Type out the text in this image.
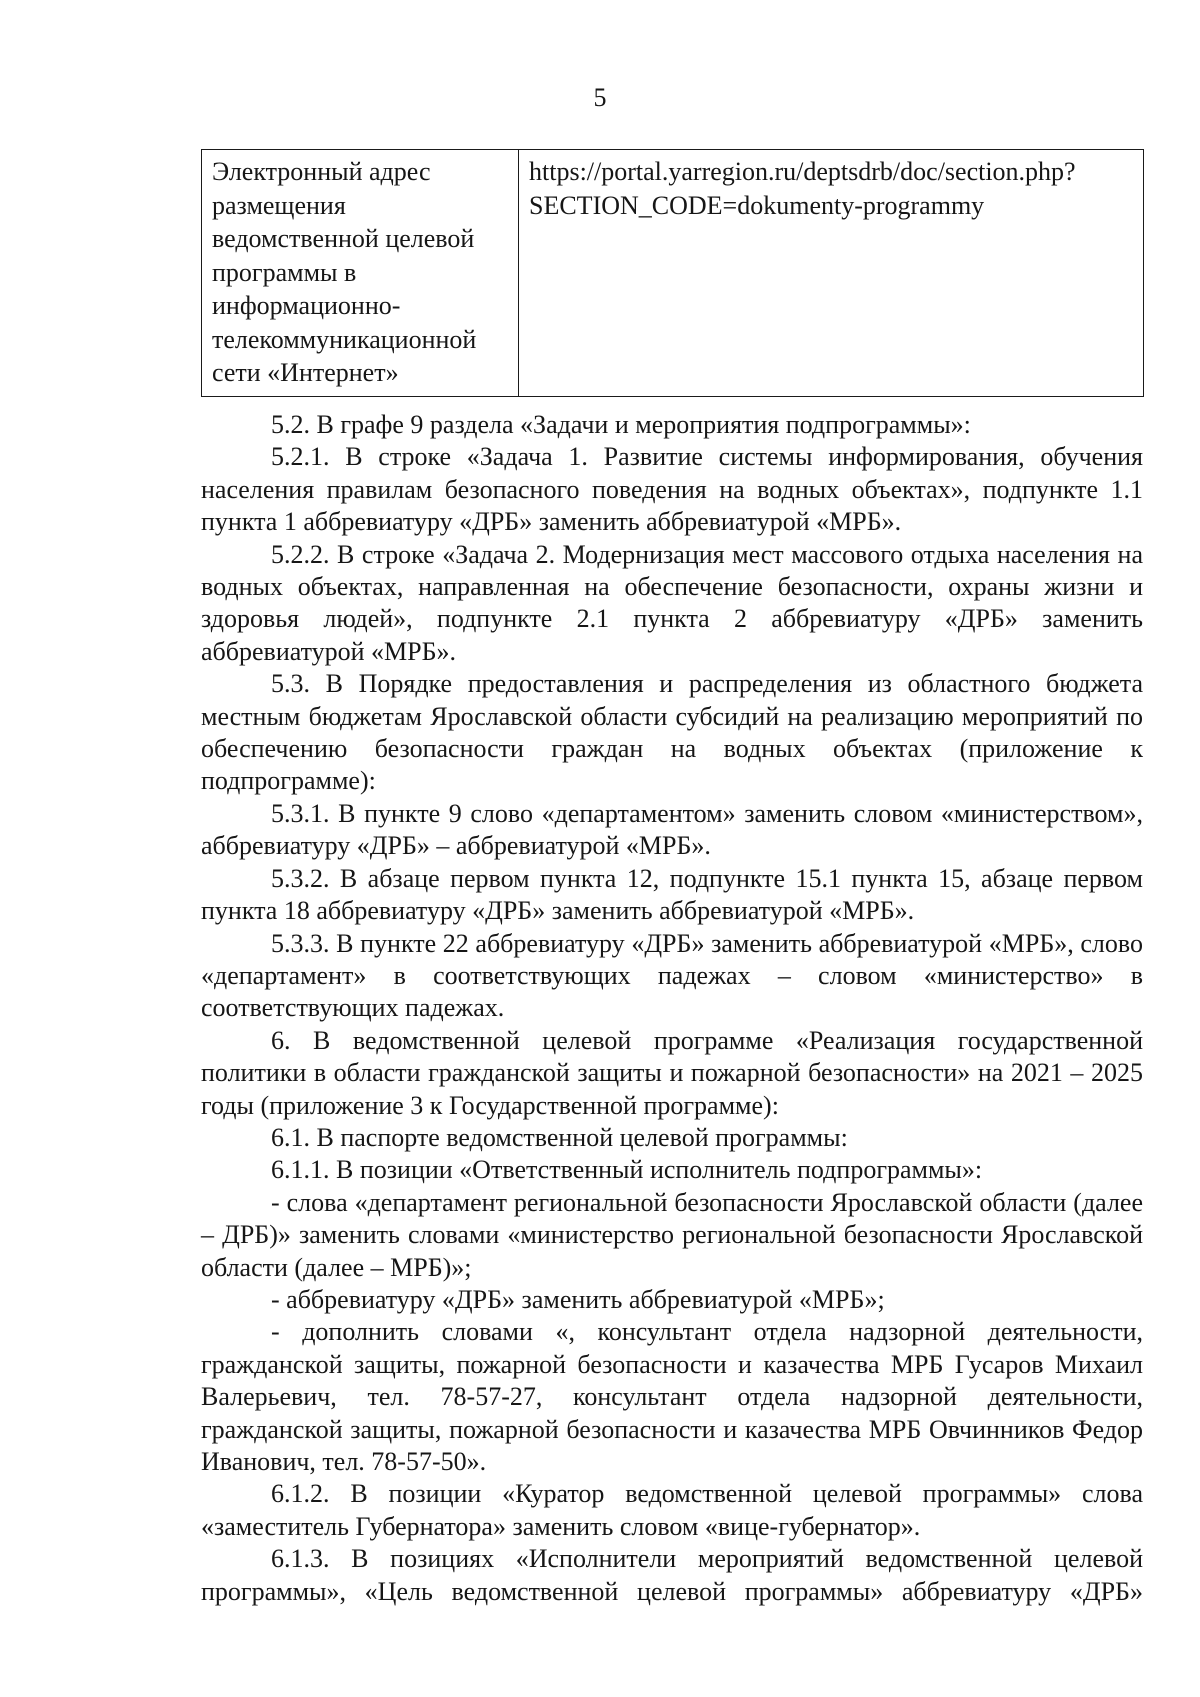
5
Электронный адрес размещения ведомственной целевой программы в информационно-телекоммуникационной сети «Интернет»	https://portal.yarregion.ru/deptsdrb/doc/section.php? SECTION_CODE=dokumenty-programmy

5.2. В графе 9 раздела «Задачи и мероприятия подпрограммы»:

5.2.1. В строке «Задача 1. Развитие системы информирования, обучения населения правилам безопасного поведения на водных объектах», подпункте 1.1 пункта 1 аббревиатуру «ДРБ» заменить аббревиатурой «МРБ».

5.2.2. В строке «Задача 2. Модернизация мест массового отдыха населения на водных объектах, направленная на обеспечение безопасности, охраны жизни и здоровья людей», подпункте 2.1 пункта 2 аббревиатуру «ДРБ» заменить аббревиатурой «МРБ».

5.3. В Порядке предоставления и распределения из областного бюджета местным бюджетам Ярославской области субсидий на реализацию мероприятий по обеспечению безопасности граждан на водных объектах (приложение к подпрограмме):

5.3.1. В пункте 9 слово «департаментом» заменить словом «министерством», аббревиатуру «ДРБ» – аббревиатурой «МРБ».

5.3.2. В абзаце первом пункта 12, подпункте 15.1 пункта 15, абзаце первом пункта 18 аббревиатуру «ДРБ» заменить аббревиатурой «МРБ».

5.3.3. В пункте 22 аббревиатуру «ДРБ» заменить аббревиатурой «МРБ», слово «департамент» в соответствующих падежах – словом «министерство» в соответствующих падежах.

6. В ведомственной целевой программе «Реализация государственной политики в области гражданской защиты и пожарной безопасности» на 2021 – 2025 годы (приложение 3 к Государственной программе):

6.1. В паспорте ведомственной целевой программы:

6.1.1. В позиции «Ответственный исполнитель подпрограммы»:

- слова «департамент региональной безопасности Ярославской области (далее – ДРБ)» заменить словами «министерство региональной безопасности Ярославской области (далее – МРБ)»;

- аббревиатуру «ДРБ» заменить аббревиатурой «МРБ»;

- дополнить словами «, консультант отдела надзорной деятельности, гражданской защиты, пожарной безопасности и казачества МРБ Гусаров Михаил Валерьевич, тел. 78-57-27, консультант отдела надзорной деятельности, гражданской защиты, пожарной безопасности и казачества МРБ Овчинников Федор Иванович, тел. 78-57-50».

6.1.2. В позиции «Куратор ведомственной целевой программы» слова «заместитель Губернатора» заменить словом «вице-губернатор».

6.1.3. В позициях «Исполнители мероприятий ведомственной целевой программы», «Цель ведомственной целевой программы» аббревиатуру «ДРБ»
